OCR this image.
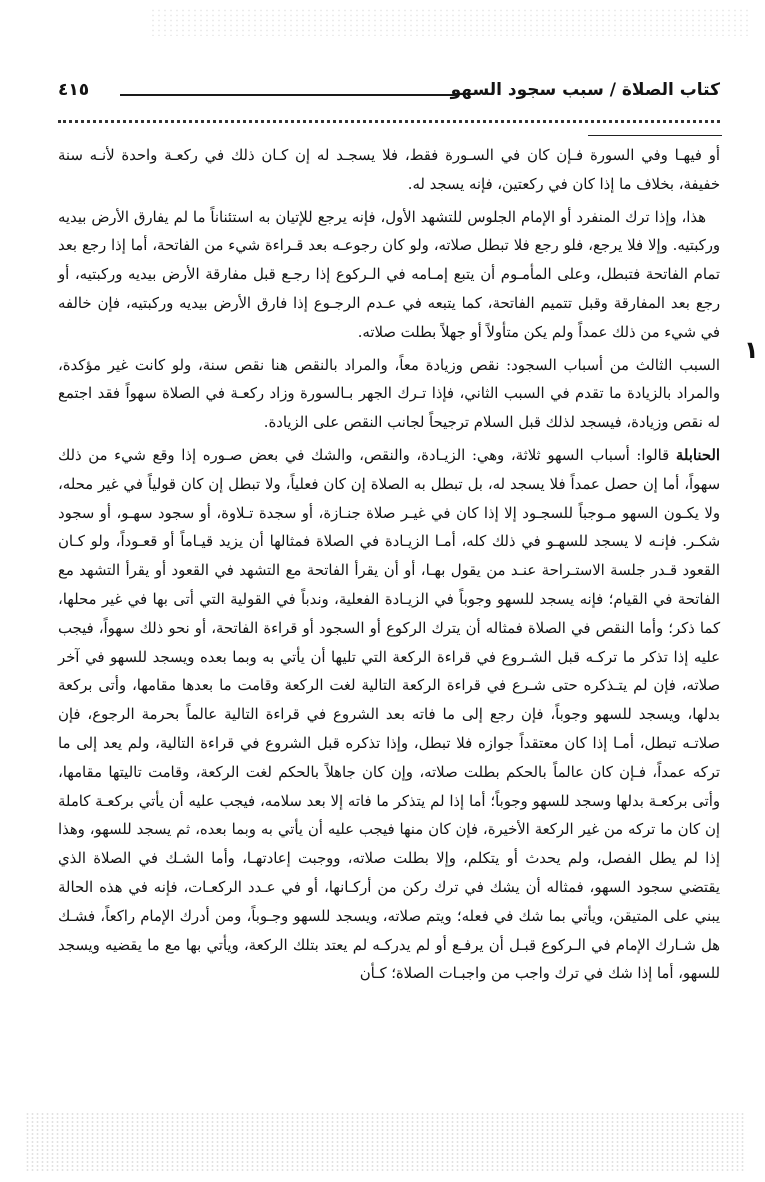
كتاب الصلاة / سبب سجود السهو
٤١٥
١

أو فيهـا وفي السورة فـإن كان في السـورة فقط، فلا يسجـد له إن كـان ذلك في ركعـة واحدة لأنـه سنة خفيفة، بخلاف ما إذا كان في ركعتين، فإنه يسجد له.

هذا، وإذا ترك المنفرد أو الإمام الجلوس للتشهد الأول، فإنه يرجع للإتيان به استئناناً ما لم يفارق الأرض بيديه وركبتيه. وإلا فلا يرجع، فلو رجع فلا تبطل صلاته، ولو كان رجوعـه بعد قـراءة شيء من الفاتحة، أما إذا رجع بعد تمام الفاتحة فتبطل، وعلى المأمـوم أن يتبع إمـامه في الـركوع إذا رجـع قبل مفارقة الأرض بيديه وركبتيه، أو رجع بعد المفارقة وقبل تتميم الفاتحة، كما يتبعه في عـدم الرجـوع إذا فارق الأرض بيديه وركبتيه، فإن خالفه في شيء من ذلك عمداً ولم يكن متأولاً أو جهلاً بطلت صلاته.

السبب الثالث من أسباب السجود: نقص وزيادة معاً، والمراد بالنقص هنا نقص سنة، ولو كانت غير مؤكدة، والمراد بالزيادة ما تقدم في السبب الثاني، فإذا تـرك الجهر بـالسورة وزاد ركعـة في الصلاة سهواً فقد اجتمع له نقص وزيادة، فيسجد لذلك قبل السلام ترجيحاً لجانب النقص على الزيادة.

الحنابلة قالوا: أسباب السهو ثلاثة، وهي: الزيـادة، والنقص، والشك في بعض صـوره إذا وقع شيء من ذلك سهواً، أما إن حصل عمداً فلا يسجد له، بل تبطل به الصلاة إن كان فعلياً، ولا تبطل إن كان قولياً في غير محله، ولا يكـون السهو مـوجباً للسجـود إلا إذا كان في غيـر صلاة جنـازة، أو سجدة تـلاوة، أو سجود سهـو، أو سجود شكـر. فإنـه لا يسجد للسهـو في ذلك كله، أمـا الزيـادة في الصلاة فمثالها أن يزيد قيـاماً أو قعـوداً، ولو كـان القعود قـدر جلسة الاستـراحة عنـد من يقول بهـا، أو أن يقرأ الفاتحة مع التشهد في القعود أو يقرأ التشهد مع الفاتحة في القيام؛ فإنه يسجد للسهو وجوباً في الزيـادة الفعلية، وندباً في القولية التي أتى بها في غير محلها، كما ذكر؛ وأما النقص في الصلاة فمثاله أن يترك الركوع أو السجود أو قراءة الفاتحة، أو نحو ذلك سهواً، فيجب عليه إذا تذكر ما تركـه قبل الشـروع في قراءة الركعة التي تليها أن يأتي به وبما بعده ويسجد للسهو في آخر صلاته، فإن لم يتـذكره حتى شـرع في قراءة الركعة التالية لغت الركعة وقامت ما بعدها مقامها، وأتى بركعة بدلها، ويسجد للسهو وجوباً، فإن رجع إلى ما فاته بعد الشروع في قراءة التالية عالماً بحرمة الرجوع، فإن صلاتـه تبطل، أمـا إذا كان معتقداً جوازه فلا تبطل، وإذا تذكره قبل الشروع في قراءة التالية، ولم يعد إلى ما تركه عمداً، فـإن كان عالماً بالحكم بطلت صلاته، وإن كان جاهلاً بالحكم لغت الركعة، وقامت تاليتها مقامها، وأتى بركعـة بدلها وسجد للسهو وجوباً؛ أما إذا لم يتذكر ما فاته إلا بعد سلامه، فيجب عليه أن يأتي بركعـة كاملة إن كان ما تركه من غير الركعة الأخيرة، فإن كان منها فيجب عليه أن يأتي به وبما بعده، ثم يسجد للسهو، وهذا إذا لم يطل الفصل، ولم يحدث أو يتكلم، وإلا بطلت صلاته، ووجبت إعادتهـا، وأما الشـك في الصلاة الذي يقتضي سجود السهو، فمثاله أن يشك في ترك ركن من أركـانها، أو في عـدد الركعـات، فإنه في هذه الحالة يبني على المتيقن، ويأتي بما شك في فعله؛ ويتم صلاته، ويسجد للسهو وجـوباً، ومن أدرك الإمام راكعاً، فشـك هل شـارك الإمام في الـركوع قبـل أن يرفـع أو لم يدركـه لم يعتد بتلك الركعة، ويأتي بها مع ما يقضيه ويسجد للسهو، أما إذا شك في ترك واجب من واجبـات الصلاة؛ كـأن
